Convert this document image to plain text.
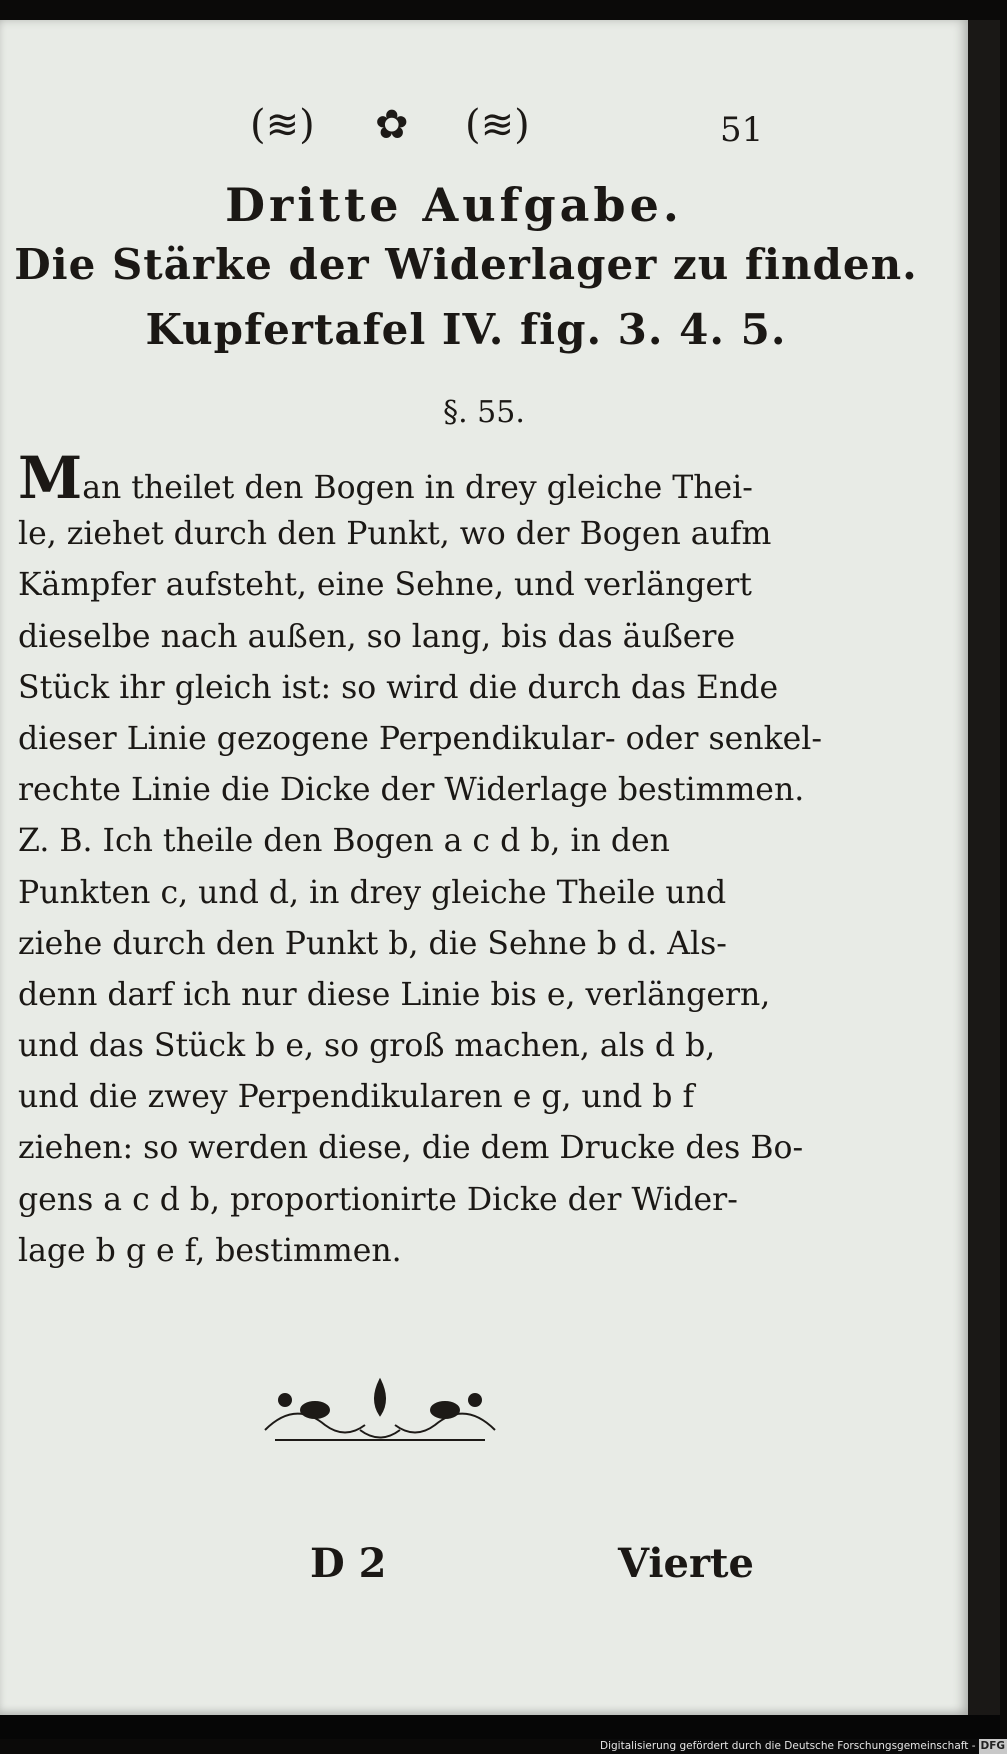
(≋) ✿ (≋)	51
Dritte Aufgabe.
Die Stärke der Widerlager zu finden.
Kupfertafel IV. fig. 3. 4. 5.
§. 55.
Man theilet den Bogen in drey gleiche Thei-
le, ziehet durch den Punkt, wo der Bogen aufm
Kämpfer aufsteht, eine Sehne, und verlängert
dieselbe nach außen, so lang, bis das äußere
Stück ihr gleich ist: so wird die durch das Ende
dieser Linie gezogene Perpendikular- oder senkel-
rechte Linie die Dicke der Widerlage bestimmen.
Z. B. Ich theile den Bogen a c d b, in den
Punkten c, und d, in drey gleiche Theile und
ziehe durch den Punkt b, die Sehne b d. Als-
denn darf ich nur diese Linie bis e, verlängern,
und das Stück b e, so groß machen, als d b,
und die zwey Perpendikularen e g, und b f
ziehen: so werden diese, die dem Drucke des Bo-
gens a c d b, proportionirte Dicke der Wider-
lage b g e f, bestimmen.
D 2	Vierte
Digitalisierung gefördert durch die Deutsche Forschungsgemeinschaft - DFG
